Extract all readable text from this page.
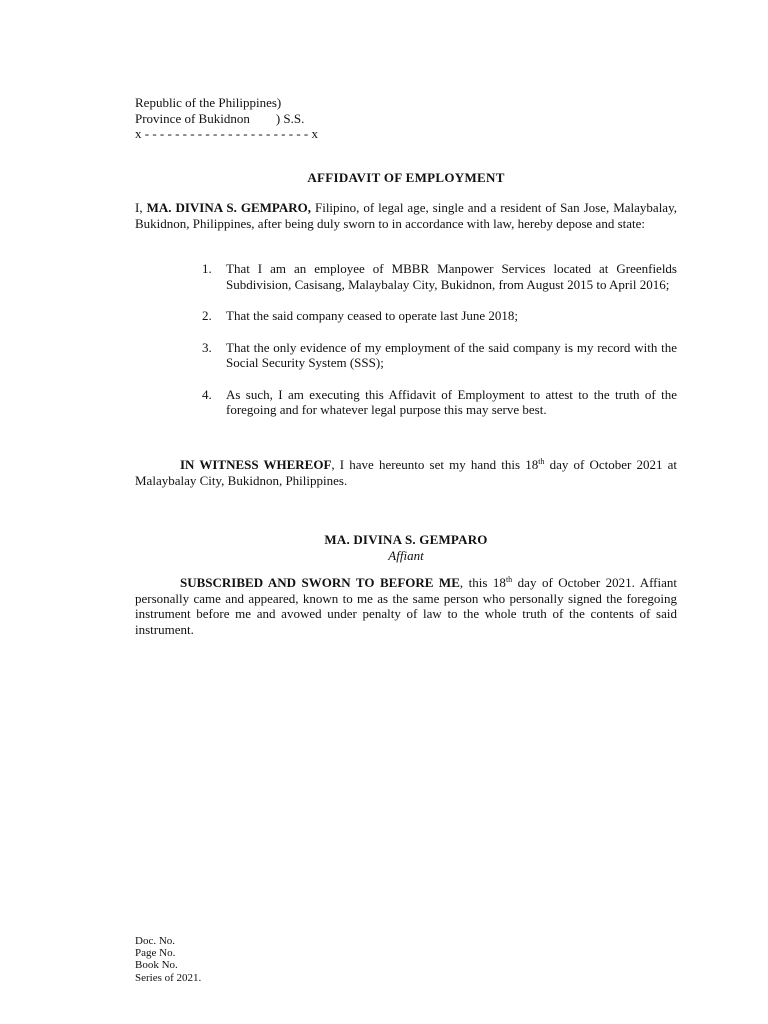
Republic of the Philippines)
Province of Bukidnon        ) S.S.
x - - - - - - - - - - - - - - - - - - - - - - x
AFFIDAVIT OF EMPLOYMENT
I, MA. DIVINA S. GEMPARO, Filipino, of legal age, single and a resident of San Jose, Malaybalay, Bukidnon, Philippines, after being duly sworn to in accordance with law, hereby depose and state:
1. That I am an employee of MBBR Manpower Services located at Greenfields Subdivision, Casisang, Malaybalay City, Bukidnon, from August 2015 to April 2016;
2. That the said company ceased to operate last June 2018;
3. That the only evidence of my employment of the said company is my record with the Social Security System (SSS);
4. As such, I am executing this Affidavit of Employment to attest to the truth of the foregoing and for whatever legal purpose this may serve best.
IN WITNESS WHEREOF, I have hereunto set my hand this 18th day of October 2021 at Malaybalay City, Bukidnon, Philippines.
MA. DIVINA S. GEMPARO
Affiant
SUBSCRIBED AND SWORN TO BEFORE ME, this 18th day of October 2021. Affiant personally came and appeared, known to me as the same person who personally signed the foregoing instrument before me and avowed under penalty of law to the whole truth of the contents of said instrument.
Doc. No.
Page No.
Book No.
Series of 2021.
